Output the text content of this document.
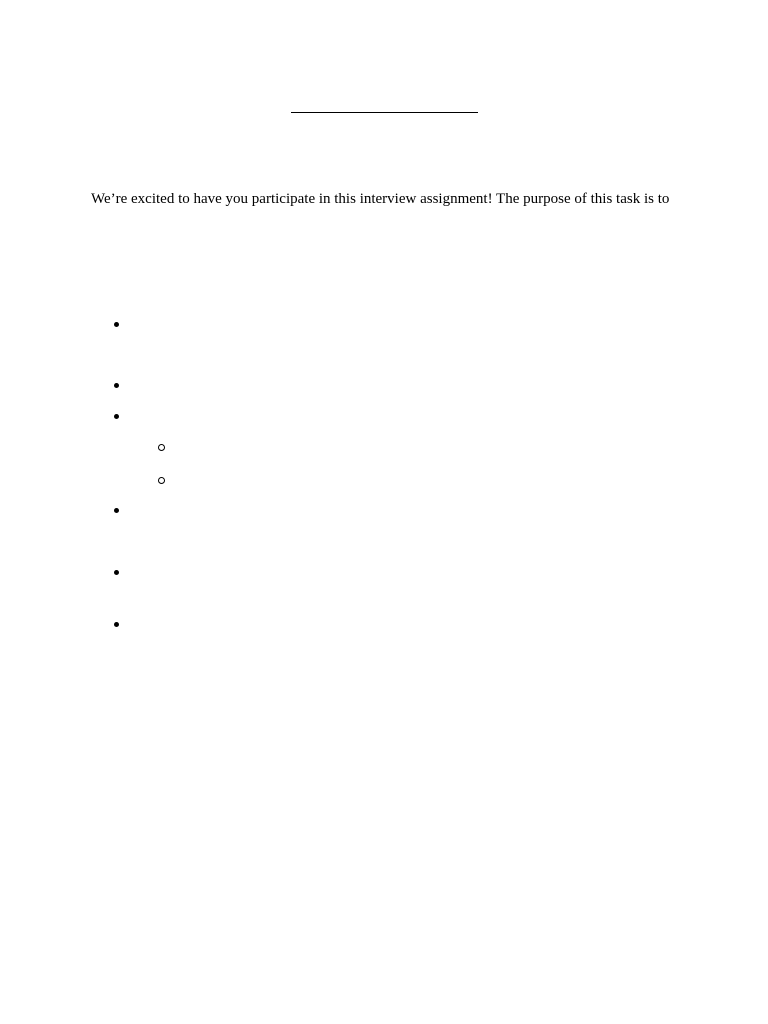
We’re excited to have you participate in this interview assignment! The purpose of this task is to
